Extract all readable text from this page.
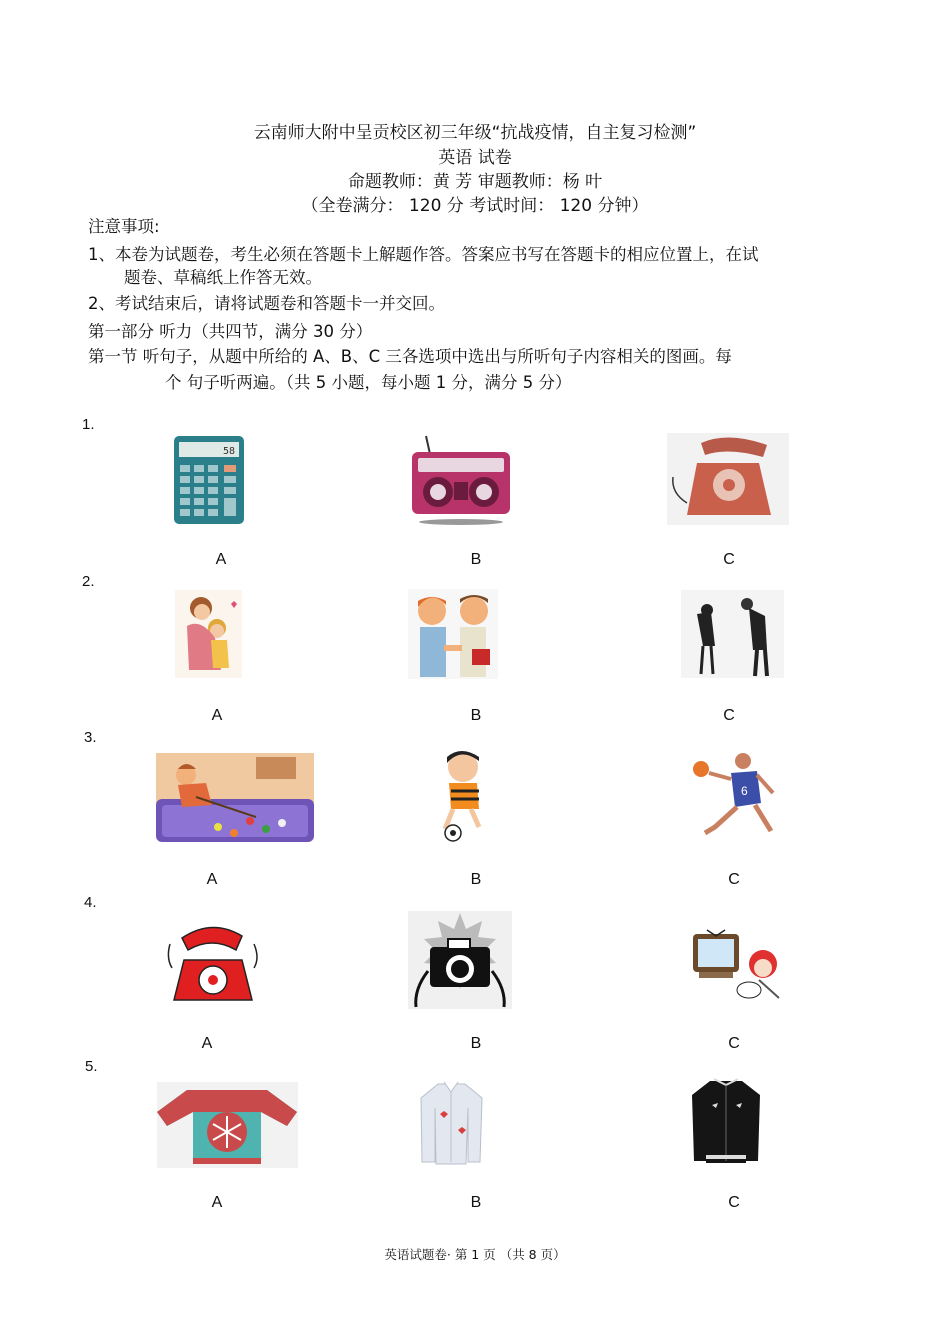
云南师大附中呈贡校区初三年级“抗战疫情，自主复习检测”
英语 试卷
命题教师：黄 芳 审题教师：杨 叶
（全卷满分： 120 分 考试时间： 120 分钟）
注意事项:
1、本卷为试题卷，考生必须在答题卡上解题作答。答案应书写在答题卡的相应位置上，在试
题卷、草稿纸上作答无效。
2、考试结束后，请将试题卷和答题卡一并交回。
第一部分 听力（共四节，满分 30 分）
第一节 听句子，从题中所给的 A、B、C 三各选项中选出与所听句子内容相关的图画。每
个 句子听两遍。（共 5 小题，每小题 1 分，满分 5 分）
1.
58
A	B	C
2.
A	B	C
3.
6
A	B	C
4.
A	B	C
5.
A	B	C
英语试题卷· 第 1 页 （共 8 页）
